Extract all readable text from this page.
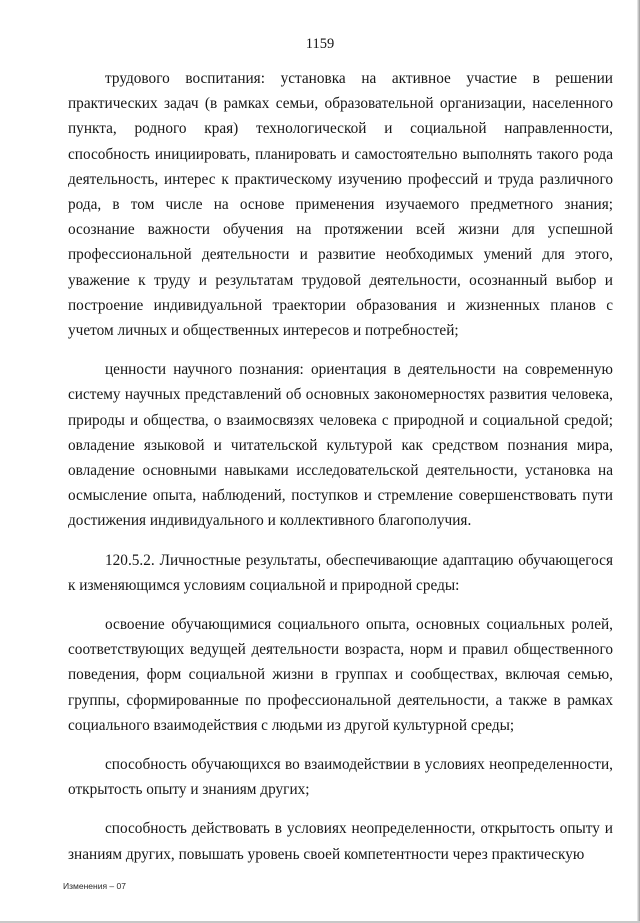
1159

трудового воспитания: установка на активное участие в решении практических задач (в рамках семьи, образовательной организации, населенного пункта, родного края) технологической и социальной направленности, способность инициировать, планировать и самостоятельно выполнять такого рода деятельность, интерес к практическому изучению профессий и труда различного рода, в том числе на основе применения изучаемого предметного знания; осознание важности обучения на протяжении всей жизни для успешной профессиональной деятельности и развитие необходимых умений для этого, уважение к труду и результатам трудовой деятельности, осознанный выбор и построение индивидуальной траектории образования и жизненных планов с учетом личных и общественных интересов и потребностей;

ценности научного познания: ориентация в деятельности на современную систему научных представлений об основных закономерностях развития человека, природы и общества, о взаимосвязях человека с природной и социальной средой; овладение языковой и читательской культурой как средством познания мира, овладение основными навыками исследовательской деятельности, установка на осмысление опыта, наблюдений, поступков и стремление совершенствовать пути достижения индивидуального и коллективного благополучия.

120.5.2. Личностные результаты, обеспечивающие адаптацию обучающегося к изменяющимся условиям социальной и природной среды:

освоение обучающимися социального опыта, основных социальных ролей, соответствующих ведущей деятельности возраста, норм и правил общественного поведения, форм социальной жизни в группах и сообществах, включая семью, группы, сформированные по профессиональной деятельности, а также в рамках социального взаимодействия с людьми из другой культурной среды;

способность обучающихся во взаимодействии в условиях неопределенности, открытость опыту и знаниям других;

способность действовать в условиях неопределенности, открытость опыту и знаниям других, повышать уровень своей компетентности через практическую

Изменения – 07
